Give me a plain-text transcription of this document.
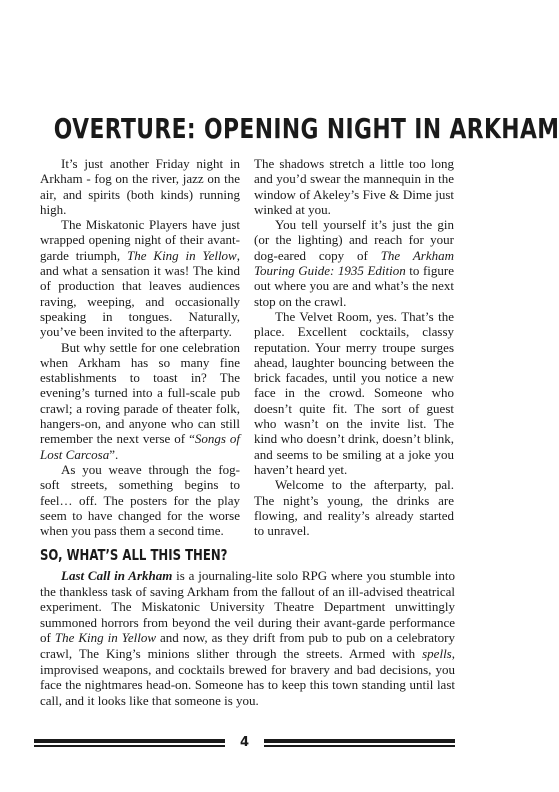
OVERTURE: OPENING NIGHT IN ARKHAM

It’s just another Friday night in Arkham - fog on the river, jazz on the air, and spirits (both kinds) running high.

The Miskatonic Players have just wrapped opening night of their avant-garde triumph, The King in Yellow, and what a sensation it was! The kind of production that leaves audiences raving, weeping, and occasionally speaking in tongues. Naturally, you’ve been invited to the afterparty.

But why settle for one celebration when Arkham has so many fine establishments to toast in? The evening’s turned into a full-scale pub crawl; a roving parade of theater folk, hangers-on, and anyone who can still remember the next verse of “Songs of Lost Carcosa”.

As you weave through the fog-soft streets, something begins to feel… off. The posters for the play seem to have changed for the worse when you pass them a second time.

The shadows stretch a little too long and you’d swear the mannequin in the window of Akeley’s Five & Dime just winked at you.

You tell yourself it’s just the gin (or the lighting) and reach for your dog-eared copy of The Arkham Touring Guide: 1935 Edition to figure out where you are and what’s the next stop on the crawl.

The Velvet Room, yes. That’s the place. Excellent cocktails, classy reputation. Your merry troupe surges ahead, laughter bouncing between the brick facades, until you notice a new face in the crowd. Someone who doesn’t quite fit. The sort of guest who wasn’t on the invite list. The kind who doesn’t drink, doesn’t blink, and seems to be smiling at a joke you haven’t heard yet.

Welcome to the afterparty, pal. The night’s young, the drinks are flowing, and reality’s already started to unravel.

SO, WHAT’S ALL THIS THEN?

Last Call in Arkham is a journaling-lite solo RPG where you stumble into the thankless task of saving Arkham from the fallout of an ill-advised theatrical experiment. The Miskatonic University Theatre Department unwittingly summoned horrors from beyond the veil during their avant-garde performance of The King in Yellow and now, as they drift from pub to pub on a celebratory crawl, The King’s minions slither through the streets. Armed with spells, improvised weapons, and cocktails brewed for bravery and bad decisions, you face the nightmares head-on. Someone has to keep this town standing until last call, and it looks like that someone is you.

4
